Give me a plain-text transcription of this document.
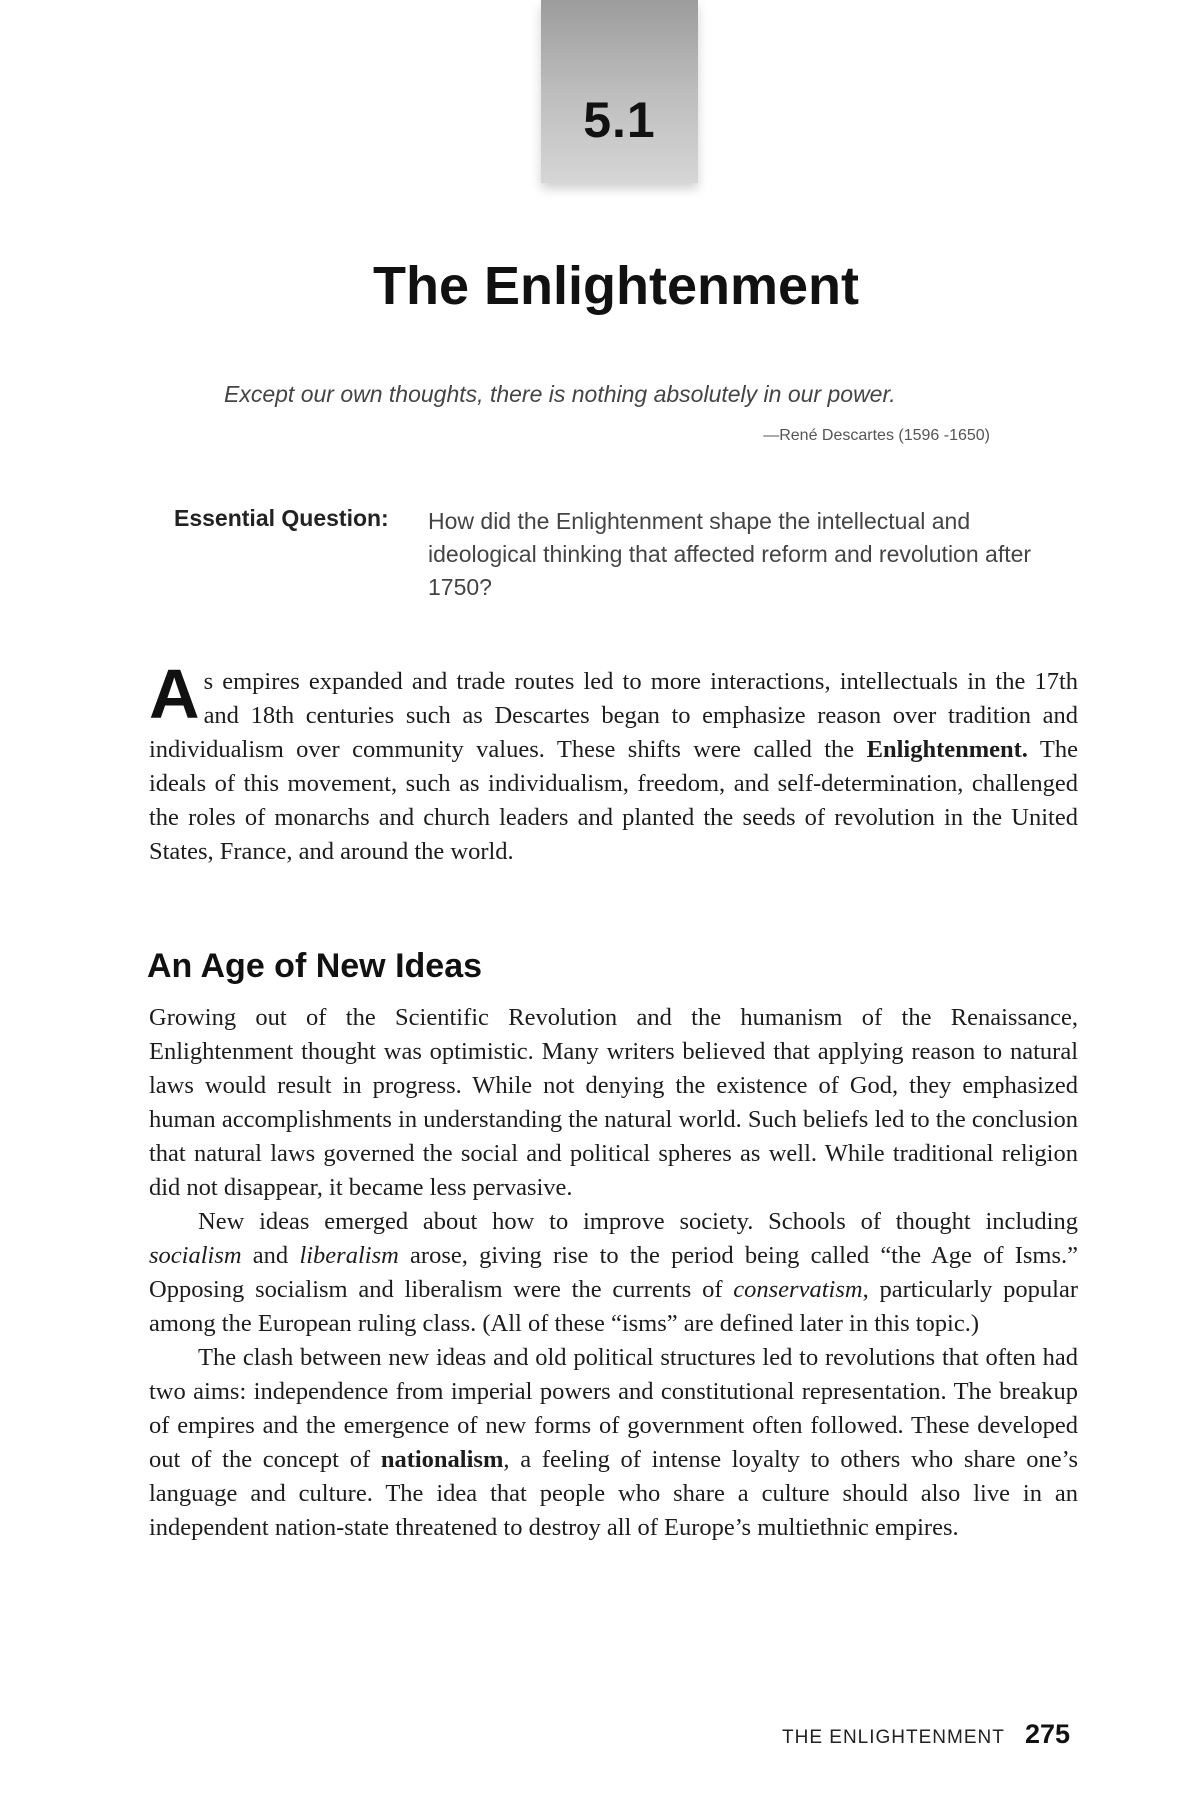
5.1
The Enlightenment
Except our own thoughts, there is nothing absolutely in our power.
—René Descartes (1596 -1650)
Essential Question: How did the Enlightenment shape the intellectual and ideological thinking that affected reform and revolution after 1750?

As empires expanded and trade routes led to more interactions, intellectuals in the 17th and 18th centuries such as Descartes began to emphasize reason over tradition and individualism over community values. These shifts were called the Enlightenment. The ideals of this movement, such as individualism, freedom, and self-determination, challenged the roles of monarchs and church leaders and planted the seeds of revolution in the United States, France, and around the world.

An Age of New Ideas

Growing out of the Scientific Revolution and the humanism of the Renaissance, Enlightenment thought was optimistic. Many writers believed that applying reason to natural laws would result in progress. While not denying the existence of God, they emphasized human accomplishments in understanding the natural world. Such beliefs led to the conclusion that natural laws governed the social and political spheres as well. While traditional religion did not disappear, it became less pervasive.

New ideas emerged about how to improve society. Schools of thought including socialism and liberalism arose, giving rise to the period being called “the Age of Isms.” Opposing socialism and liberalism were the currents of conservatism, particularly popular among the European ruling class. (All of these “isms” are defined later in this topic.)

The clash between new ideas and old political structures led to revolutions that often had two aims: independence from imperial powers and constitutional representation. The breakup of empires and the emergence of new forms of government often followed. These developed out of the concept of nationalism, a feeling of intense loyalty to others who share one’s language and culture. The idea that people who share a culture should also live in an independent nation-state threatened to destroy all of Europe’s multiethnic empires.

THE ENLIGHTENMENT 275
